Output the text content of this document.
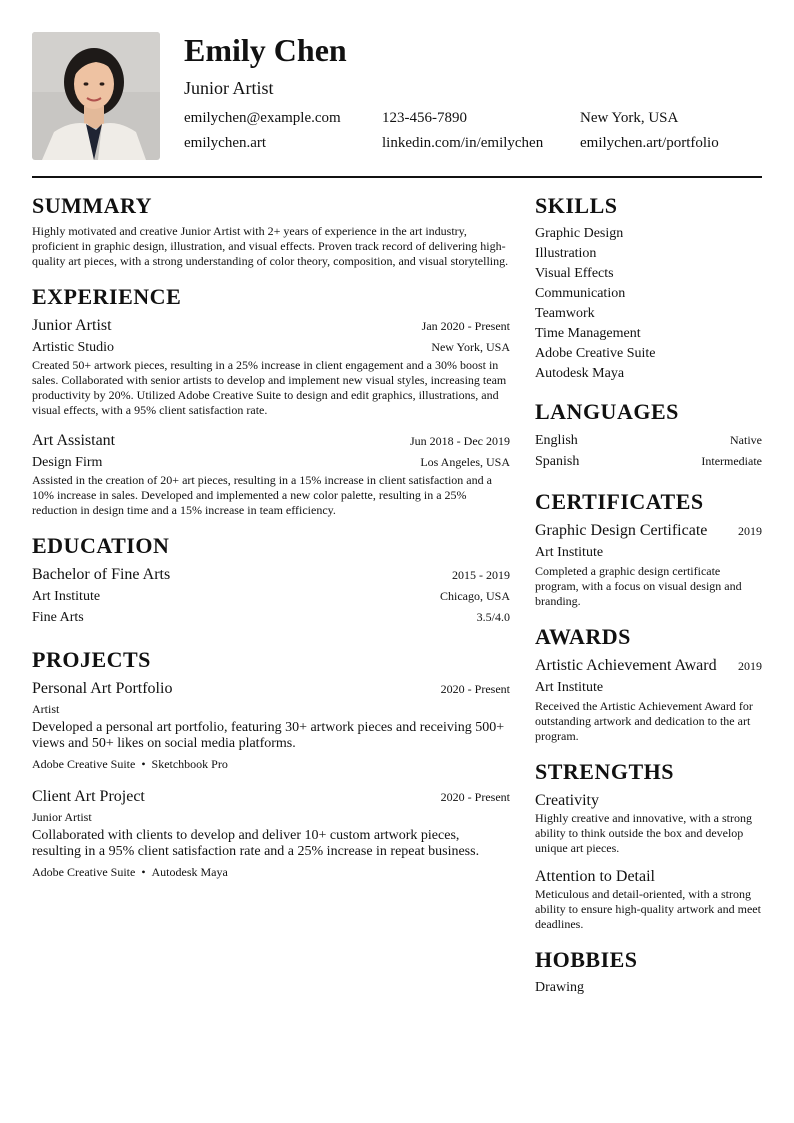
Emily Chen
Junior Artist
emilychen@example.com	123-456-7890	New York, USA
emilychen.art	linkedin.com/in/emilychen emilychen.art/portfolio
SUMMARY
Highly motivated and creative Junior Artist with 2+ years of experience in the art industry, proficient in graphic design, illustration, and visual effects. Proven track record of delivering high-quality art pieces, with a strong understanding of color theory, composition, and visual storytelling.
EXPERIENCE
Junior Artist	Jan 2020 - Present
Artistic Studio	New York, USA
Created 50+ artwork pieces, resulting in a 25% increase in client engagement and a 30% boost in sales. Collaborated with senior artists to develop and implement new visual styles, increasing team productivity by 20%. Utilized Adobe Creative Suite to design and edit graphics, illustrations, and visual effects, with a 95% client satisfaction rate.
Art Assistant	Jun 2018 - Dec 2019
Design Firm	Los Angeles, USA
Assisted in the creation of 20+ art pieces, resulting in a 15% increase in client satisfaction and a 10% increase in sales. Developed and implemented a new color palette, resulting in a 25% reduction in design time and a 15% increase in team efficiency.
EDUCATION
Bachelor of Fine Arts	2015 - 2019
Art Institute	Chicago, USA
Fine Arts	3.5/4.0
PROJECTS
Personal Art Portfolio	2020 - Present
Artist
Developed a personal art portfolio, featuring 30+ artwork pieces and receiving 500+ views and 50+ likes on social media platforms.
Adobe Creative Suite • Sketchbook Pro
Client Art Project	2020 - Present
Junior Artist
Collaborated with clients to develop and deliver 10+ custom artwork pieces, resulting in a 95% client satisfaction rate and a 25% increase in repeat business.
Adobe Creative Suite • Autodesk Maya
SKILLS
Graphic Design
Illustration
Visual Effects
Communication
Teamwork
Time Management
Adobe Creative Suite
Autodesk Maya
LANGUAGES
English	Native
Spanish	Intermediate
CERTIFICATES
Graphic Design Certificate	2019
Art Institute
Completed a graphic design certificate program, with a focus on visual design and branding.
AWARDS
Artistic Achievement Award 2019
Art Institute
Received the Artistic Achievement Award for outstanding artwork and dedication to the art program.
STRENGTHS
Creativity
Highly creative and innovative, with a strong ability to think outside the box and develop unique art pieces.
Attention to Detail
Meticulous and detail-oriented, with a strong ability to ensure high-quality artwork and meet deadlines.
HOBBIES
Drawing
